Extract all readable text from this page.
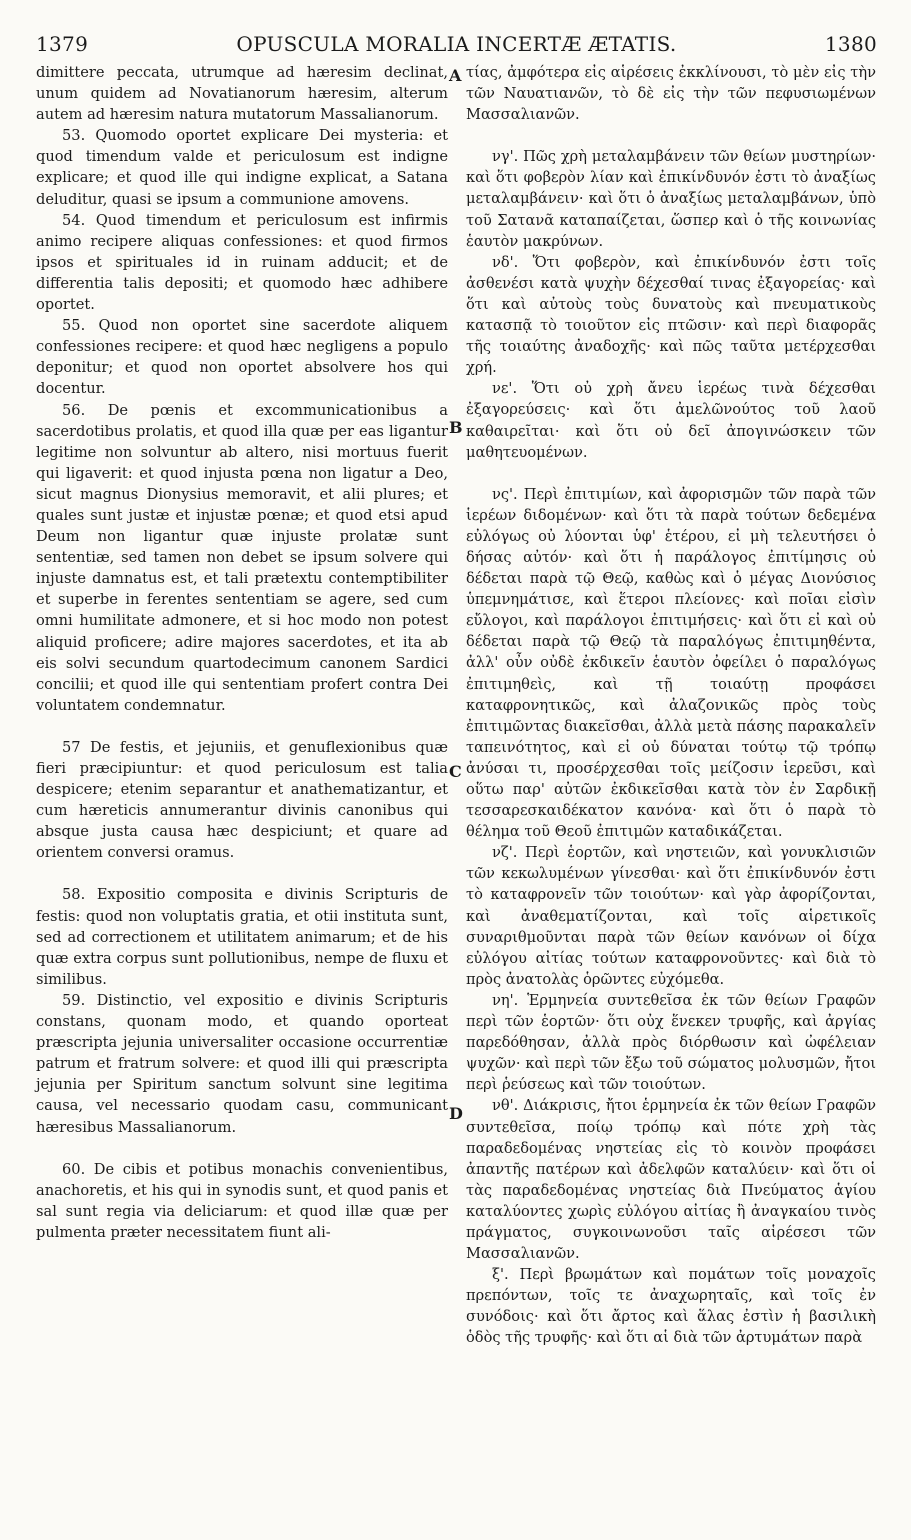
1379	OPUSCULA MORALIA INCERTÆ ÆTATIS.	1380

dimittere peccata, utrumque ad hæresim declinat, unum quidem ad Novatianorum hæresim, alterum autem ad hæresim natura mutatorum Massalianorum.

53. Quomodo oportet explicare Dei mysteria: et quod timendum valde et periculosum est indigne explicare; et quod ille qui indigne explicat, a Satana deluditur, quasi se ipsum a communione amovens.

54. Quod timendum et periculosum est infirmis animo recipere aliquas confessiones: et quod firmos ipsos et spirituales id in ruinam adducit; et de differentia talis depositi; et quomodo hæc adhibere oportet.

55. Quod non oportet sine sacerdote aliquem confessiones recipere: et quod hæc negligens a populo deponitur; et quod non oportet absolvere hos qui docentur.

56. De pœnis et excommunicationibus a sacerdotibus prolatis, et quod illa quæ per eas ligantur legitime non solvuntur ab altero, nisi mortuus fuerit qui ligaverit: et quod injusta pœna non ligatur a Deo, sicut magnus Dionysius memoravit, et alii plures; et quales sunt justæ et injustæ pœnæ; et quod etsi apud Deum non ligantur quæ injuste prolatæ sunt sententiæ, sed tamen non debet se ipsum solvere qui injuste damnatus est, et tali prætextu contemptibiliter et superbe in ferentes sententiam se agere, sed cum omni humilitate admonere, et si hoc modo non potest aliquid proficere; adire majores sacerdotes, et ita ab eis solvi secundum quartodecimum canonem Sardici concilii; et quod ille qui sententiam profert contra Dei voluntatem condemnatur.

57 De festis, et jejuniis, et genuflexionibus quæ fieri præcipiuntur: et quod periculosum est talia despicere; etenim separantur et anathematizantur, et cum hæreticis annumerantur divinis canonibus qui absque justa causa hæc despiciunt; et quare ad orientem conversi oramus.

58. Expositio composita e divinis Scripturis de festis: quod non voluptatis gratia, et otii instituta sunt, sed ad correctionem et utilitatem animarum; et de his quæ extra corpus sunt pollutionibus, nempe de fluxu et similibus.

59. Distinctio, vel expositio e divinis Scripturis constans, quonam modo, et quando oporteat præscripta jejunia universaliter occasione occurrentiæ patrum et fratrum solvere: et quod illi qui præscripta jejunia per Spiritum sanctum solvunt sine legitima causa, vel necessario quodam casu, communicant hæresibus Massalianorum.

60. De cibis et potibus monachis convenientibus, anachoretis, et his qui in synodis sunt, et quod panis et sal sunt regia via deliciarum: et quod illæ quæ per pulmenta præter necessitatem fiunt ali-

A
B
C
D

τίας, ἀμφότερα εἰς αἱρέσεις ἐκκλίνουσι, τὸ μὲν εἰς τὴν τῶν Ναυατιανῶν, τὸ δὲ εἰς τὴν τῶν πεφυσιωμένων Μασσαλιανῶν.

νγ'. Πῶς χρὴ μεταλαμβάνειν τῶν θείων μυστηρίων· καὶ ὅτι φοβερὸν λίαν καὶ ἐπικίνδυνόν ἐστι τὸ ἀναξίως μεταλαμβάνειν· καὶ ὅτι ὁ ἀναξίως μεταλαμβάνων, ὑπὸ τοῦ Σατανᾶ καταπαίζεται, ὥσπερ καὶ ὁ τῆς κοινωνίας ἑαυτὸν μακρύνων.

νδ'. Ὅτι φοβερὸν, καὶ ἐπικίνδυνόν ἐστι τοῖς ἀσθενέσι κατὰ ψυχὴν δέχεσθαί τινας ἐξαγορείας· καὶ ὅτι καὶ αὐτοὺς τοὺς δυνατοὺς καὶ πνευματικοὺς κατασπᾷ τὸ τοιοῦτον εἰς πτῶσιν· καὶ περὶ διαφορᾶς τῆς τοιαύτης ἀναδοχῆς· καὶ πῶς ταῦτα μετέρχεσθαι χρή.

νε'. Ὅτι οὐ χρὴ ἄνευ ἱερέως τινὰ δέχεσθαι ἐξαγορεύσεις· καὶ ὅτι ἀμελῶνούτος τοῦ λαοῦ καθαιρεῖται· καὶ ὅτι οὐ δεῖ ἀπογινώσκειν τῶν μαθητευομένων.

νς'. Περὶ ἐπιτιμίων, καὶ ἀφορισμῶν τῶν παρὰ τῶν ἱερέων διδομένων· καὶ ὅτι τὰ παρὰ τούτων δεδεμένα εὐλόγως οὐ λύονται ὑφ' ἑτέρου, εἰ μὴ τελευτήσει ὁ δήσας αὐτόν· καὶ ὅτι ἡ παράλογος ἐπιτίμησις οὐ δέδεται παρὰ τῷ Θεῷ, καθὼς καὶ ὁ μέγας Διονύσιος ὑπεμνημάτισε, καὶ ἕτεροι πλείονες· καὶ ποῖαι εἰσὶν εὔλογοι, καὶ παράλογοι ἐπιτιμήσεις· καὶ ὅτι εἰ καὶ οὐ δέδεται παρὰ τῷ Θεῷ τὰ παραλόγως ἐπιτιμηθέντα, ἀλλ' οὖν οὐδὲ ἐκδικεῖν ἑαυτὸν ὀφείλει ὁ παραλόγως ἐπιτιμηθεὶς, καὶ τῇ τοιαύτῃ προφάσει καταφρονητικῶς, καὶ ἀλαζονικῶς πρὸς τοὺς ἐπιτιμῶντας διακεῖσθαι, ἀλλὰ μετὰ πάσης παρακαλεῖν ταπεινότητος, καὶ εἰ οὐ δύναται τούτῳ τῷ τρόπῳ ἀνύσαι τι, προσέρχεσθαι τοῖς μείζοσιν ἱερεῦσι, καὶ οὕτω παρ' αὐτῶν ἐκδικεῖσθαι κατὰ τὸν ἐν Σαρδικῇ τεσσαρεσκαιδέκατον κανόνα· καὶ ὅτι ὁ παρὰ τὸ θέλημα τοῦ Θεοῦ ἐπιτιμῶν καταδικάζεται.

νζ'. Περὶ ἑορτῶν, καὶ νηστειῶν, καὶ γονυκλισιῶν τῶν κεκωλυμένων γίνεσθαι· καὶ ὅτι ἐπικίνδυνόν ἐστι τὸ καταφρονεῖν τῶν τοιούτων· καὶ γὰρ ἀφορίζονται, καὶ ἀναθεματίζονται, καὶ τοῖς αἱρετικοῖς συναριθμοῦνται παρὰ τῶν θείων κανόνων οἱ δίχα εὐλόγου αἰτίας τούτων καταφρονοῦντες· καὶ διὰ τὸ πρὸς ἀνατολὰς ὁρῶντες εὐχόμεθα.

νη'. Ἑρμηνεία συντεθεῖσα ἐκ τῶν θείων Γραφῶν περὶ τῶν ἑορτῶν· ὅτι οὐχ ἕνεκεν τρυφῆς, καὶ ἀργίας παρεδόθησαν, ἀλλὰ πρὸς διόρθωσιν καὶ ὠφέλειαν ψυχῶν· καὶ περὶ τῶν ἔξω τοῦ σώματος μολυσμῶν, ἤτοι περὶ ῥεύσεως καὶ τῶν τοιούτων.

νθ'. Διάκρισις, ἤτοι ἑρμηνεία ἐκ τῶν θείων Γραφῶν συντεθεῖσα, ποίῳ τρόπῳ καὶ πότε χρὴ τὰς παραδεδομένας νηστείας εἰς τὸ κοινὸν προφάσει ἀπαντῆς πατέρων καὶ ἀδελφῶν καταλύειν· καὶ ὅτι οἱ τὰς παραδεδομένας νηστείας διὰ Πνεύματος ἁγίου καταλύοντες χωρὶς εὐλόγου αἰτίας ἢ ἀναγκαίου τινὸς πράγματος, συγκοινωνοῦσι ταῖς αἱρέσεσι τῶν Μασσαλιανῶν.

ξ'. Περὶ βρωμάτων καὶ πομάτων τοῖς μοναχοῖς πρεπόντων, τοῖς τε ἀναχωρηταῖς, καὶ τοῖς ἐν συνόδοις· καὶ ὅτι ἄρτος καὶ ἅλας ἐστὶν ἡ βασιλικὴ ὁδὸς τῆς τρυφῆς· καὶ ὅτι αἱ διὰ τῶν ἀρτυμάτων παρὰ
